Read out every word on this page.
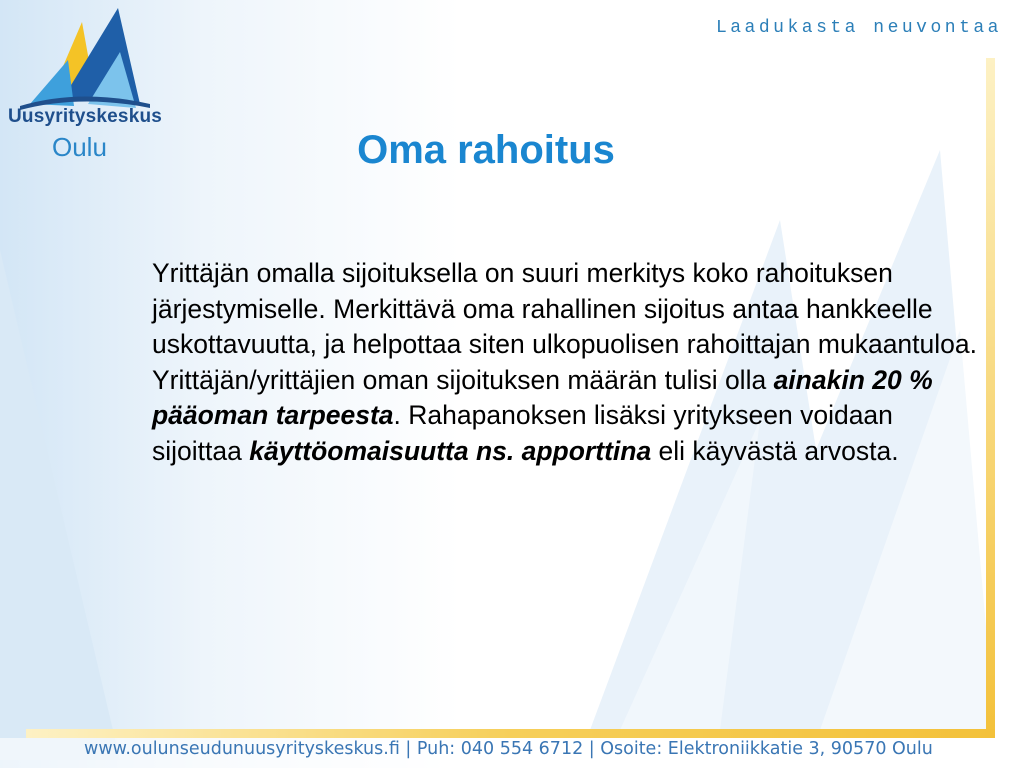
Uusyrityskeskus
Oulu
Laadukasta neuvontaa
Oma rahoitus
Yrittäjän omalla sijoituksella on suuri merkitys koko rahoituksen järjestymiselle. Merkittävä oma rahallinen sijoitus antaa hankkeelle uskottavuutta, ja helpottaa siten ulkopuolisen rahoittajan mukaantuloa. Yrittäjän/yrittäjien oman sijoituksen määrän tulisi olla ainakin 20 % pääoman tarpeesta. Rahapanoksen lisäksi yritykseen voidaan sijoittaa käyttöomaisuutta ns. apporttina eli käyvästä arvosta.
www.oulunseudunuusyrityskeskus.fi | Puh: 040 554 6712 | Osoite: Elektroniikkatie 3, 90570 Oulu
